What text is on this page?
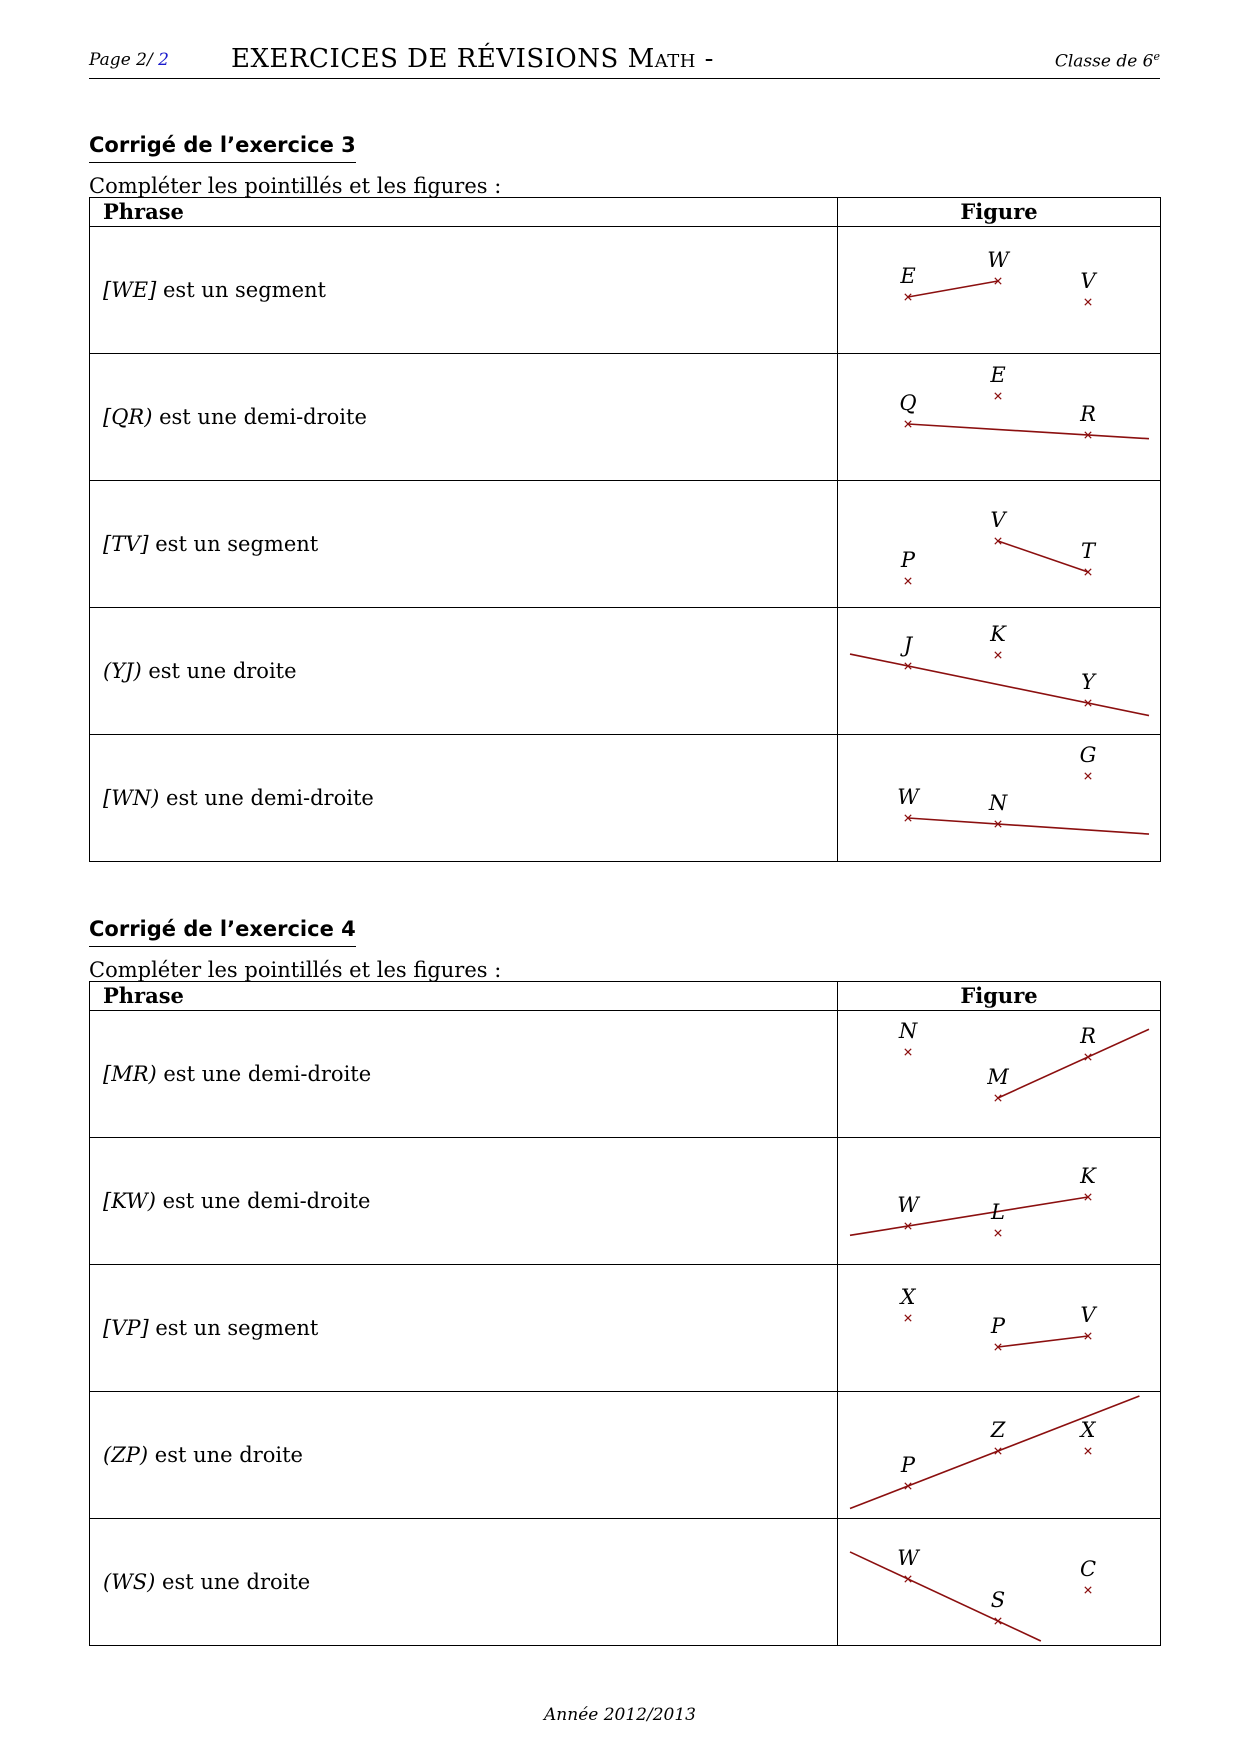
Page 2/ 2 EXERCICES DE RÉVISIONS Math -	Classe de 6e
Corrigé de l’exercice 3
Compléter les pointillés et les figures :
Phrase	Figure
[WE] est un segment	E
W
V

[QR) est une demi-droite	Q
E
R

[TV] est un segment	P
V
T

(YJ) est une droite	J K
Y

[WN) est une demi-droite	W N
G
Corrigé de l’exercice 4
Compléter les pointillés et les figures :
Phrase	Figure
[MR) est une demi-droite	N
M
R

[KW) est une demi-droite	W L
K

[VP] est un segment	X
P V

(ZP) est une droite	P
Z X

(WS) est une droite	W
S
C
Année 2012/2013
